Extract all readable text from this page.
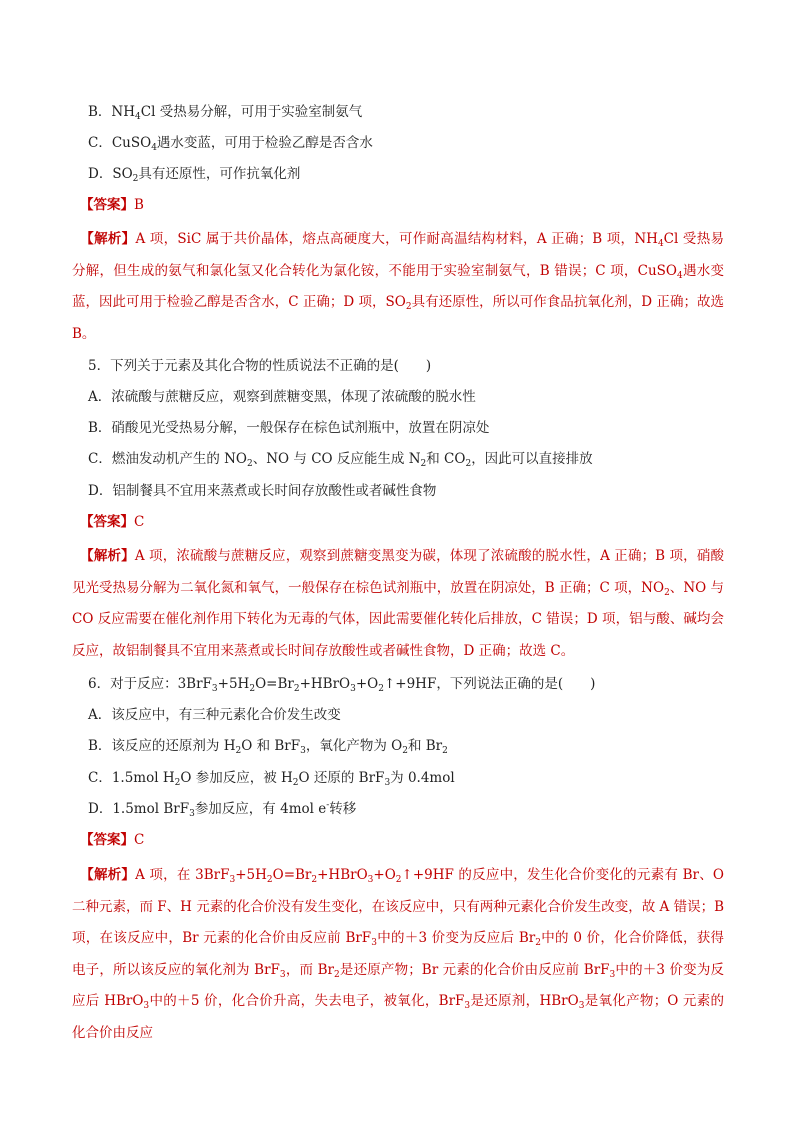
B．$NH_4Cl$ 受热易分解，可用于实验室制氨气
C．CuSO$_4$遇水变蓝，可用于检验乙醇是否含水
D．$SO_2$具有还原性，可作抗氧化剂
【答案】B
【解析】A 项，SiC 属于共价晶体，熔点高硬度大，可作耐高温结构材料，A 正确；B 项，$NH_4Cl$ 受热易分解，但生成的氨气和氯化氢又化合转化为氯化铵，不能用于实验室制氨气，B 错误；C 项，CuSO$_4$遇水变蓝，因此可用于检验乙醇是否含水，C 正确；D 项，$SO_2$具有还原性，所以可作食品抗氧化剂，D 正确；故选 B。
5．下列关于元素及其化合物的性质说法不正确的是(　　)
A．浓硫酸与蔗糖反应，观察到蔗糖变黑，体现了浓硫酸的脱水性
B．硝酸见光受热易分解，一般保存在棕色试剂瓶中，放置在阴凉处
C．燃油发动机产生的 $NO_2$、NO 与 CO 反应能生成 $N_2$和 $CO_2$，因此可以直接排放
D．铝制餐具不宜用来蒸煮或长时间存放酸性或者碱性食物
【答案】C
【解析】A 项，浓硫酸与蔗糖反应，观察到蔗糖变黑变为碳，体现了浓硫酸的脱水性，A 正确；B 项，硝酸见光受热易分解为二氧化氮和氧气，一般保存在棕色试剂瓶中，放置在阴凉处，B 正确；C 项，$NO_2$、NO 与 CO 反应需要在催化剂作用下转化为无毒的气体，因此需要催化转化后排放，C 错误；D 项，铝与酸、碱均会反应，故铝制餐具不宜用来蒸煮或长时间存放酸性或者碱性食物，D 正确；故选 C。
6．对于反应：$3BrF_3+5H_2O=Br_2+HBrO_3+O_2↑+9HF$，下列说法正确的是(　　)
A．该反应中，有三种元素化合价发生改变
B．该反应的还原剂为 $H_2O$ 和 BrF$_3$，氧化产物为 $O_2$和 $Br_2$
C．1.5mol $H_2O$ 参加反应，被 $H_2O$ 还原的 BrF$_3$为 0.4mol
D．1.5mol BrF$_3$参加反应，有 4mol e-转移
【答案】C
【解析】A 项，在 $3BrF_3+5H_2O=Br_2+HBrO_3+O_2↑+9HF$ 的反应中，发生化合价变化的元素有 Br、O 二种元素，而 F、H 元素的化合价没有发生变化，在该反应中，只有两种元素化合价发生改变，故 A 错误；B 项，在该反应中，Br 元素的化合价由反应前 BrF$_3$中的＋3 价变为反应后 $Br_2$中的 0 价，化合价降低，获得电子，所以该反应的氧化剂为 BrF$_3$，而 $Br_2$是还原产物；Br 元素的化合价由反应前 BrF$_3$中的＋3 价变为反应后 HBrO$_3$中的＋5 价，化合价升高，失去电子，被氧化，BrF$_3$是还原剂，HBrO$_3$是氧化产物；O 元素的化合价由反应
